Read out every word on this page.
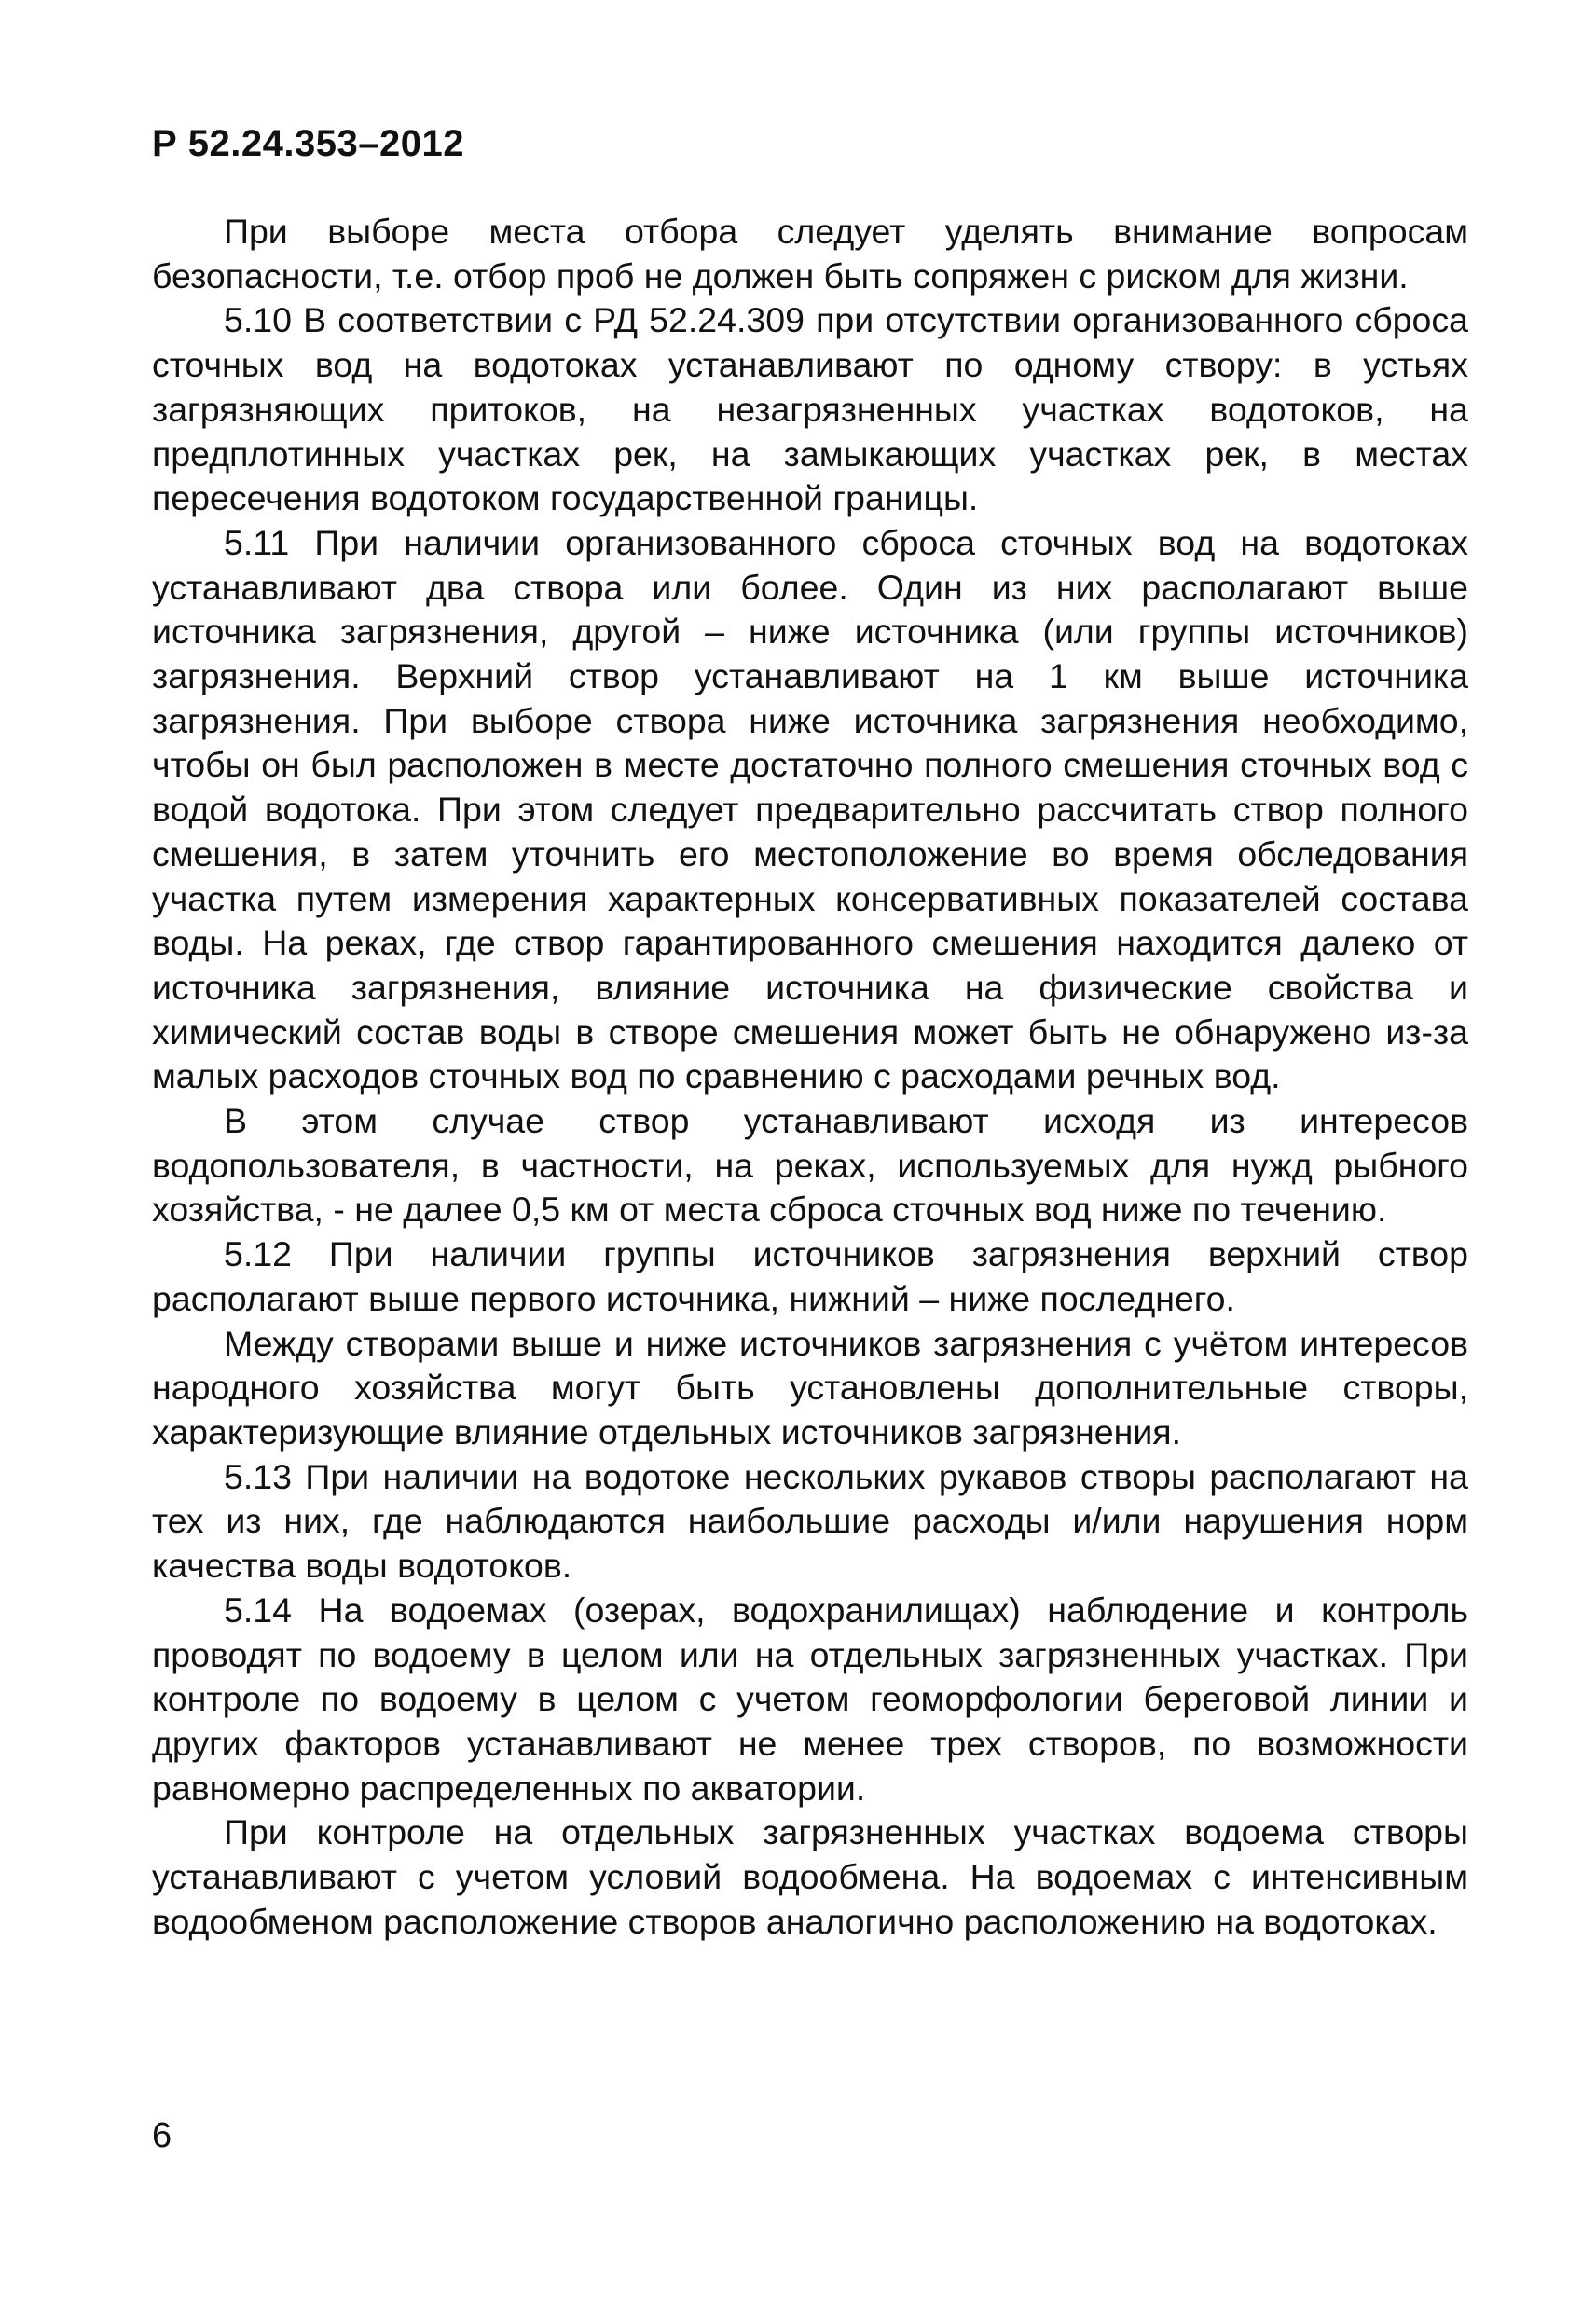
Р 52.24.353–2012

При выборе места отбора следует уделять внимание вопросам безопасности, т.е. отбор проб не должен быть сопряжен с риском для жизни.

5.10 В соответствии с РД 52.24.309 при отсутствии организованного сброса сточных вод на водотоках устанавливают по одному створу: в устьях загрязняющих притоков, на незагрязненных участках водотоков, на предплотинных участках рек, на замыкающих участках рек, в местах пересечения водотоком государственной границы.

5.11 При наличии организованного сброса сточных вод на водотоках устанавливают два створа или более. Один из них располагают выше источника загрязнения, другой – ниже источника (или группы источников) загрязнения. Верхний створ устанавливают на 1 км выше источника загрязнения. При выборе створа ниже источника загрязнения необходимо, чтобы он был расположен в месте достаточно полного смешения сточных вод с водой водотока. При этом следует предварительно рассчитать створ полного смешения, в затем уточнить его местоположение во время обследования участка путем измерения характерных консервативных показателей состава воды. На реках, где створ гарантированного смешения находится далеко от источника загрязнения, влияние источника на физические свойства и химический состав воды в створе смешения может быть не обнаружено из-за малых расходов сточных вод по сравнению с расходами речных вод.

В этом случае створ устанавливают исходя из интересов водопользователя, в частности, на реках, используемых для нужд рыбного хозяйства, - не далее 0,5 км от места сброса сточных вод ниже по течению.

5.12 При наличии группы источников загрязнения верхний створ располагают выше первого источника, нижний – ниже последнего.

Между створами выше и ниже источников загрязнения с учётом интересов народного хозяйства могут быть установлены дополнительные створы, характеризующие влияние отдельных источников загрязнения.

5.13 При наличии на водотоке нескольких рукавов створы располагают на тех из них, где наблюдаются наибольшие расходы и/или нарушения норм качества воды водотоков.

5.14 На водоемах (озерах, водохранилищах) наблюдение и контроль проводят по водоему в целом или на отдельных загрязненных участках. При контроле по водоему в целом с учетом геоморфологии береговой линии и других факторов устанавливают не менее трех створов, по возможности равномерно распределенных по акватории.

При контроле на отдельных загрязненных участках водоема створы устанавливают с учетом условий водообмена. На водоемах с интенсивным водообменом расположение створов аналогично расположению на водотоках.

6
